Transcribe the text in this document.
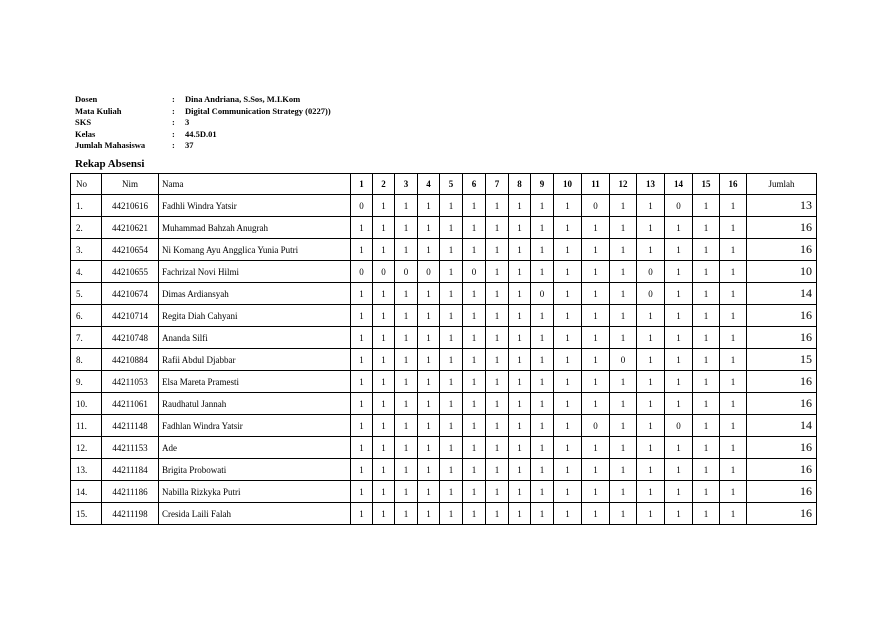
Dosen	:	Dina Andriana, S.Sos, M.I.Kom
Mata Kuliah	:	Digital Communication Strategy (0227))
SKS	:	3
Kelas	:	44.5D.01
Jumlah Mahasiswa	:	37
Rekap Absensi
No	Nim	Nama	1	2	3	4	5	6	7	8	9	10	11	12	13	14	15	16	Jumlah
1.	44210616	Fadhli Windra Yatsir	0	1	1	1	1	1	1	1	1	1	0	1	1	0	1	1	13
2.	44210621	Muhammad Bahzah Anugrah	1	1	1	1	1	1	1	1	1	1	1	1	1	1	1	1	16
3.	44210654	Ni Komang Ayu Angglica Yunia Putri	1	1	1	1	1	1	1	1	1	1	1	1	1	1	1	1	16
4.	44210655	Fachrizal Novi Hilmi	0	0	0	0	1	0	1	1	1	1	1	1	0	1	1	1	10
5.	44210674	Dimas Ardiansyah	1	1	1	1	1	1	1	1	0	1	1	1	0	1	1	1	14
6.	44210714	Regita Diah Cahyani	1	1	1	1	1	1	1	1	1	1	1	1	1	1	1	1	16
7.	44210748	Ananda Silfi	1	1	1	1	1	1	1	1	1	1	1	1	1	1	1	1	16
8.	44210884	Rafii Abdul Djabbar	1	1	1	1	1	1	1	1	1	1	1	0	1	1	1	1	15
9.	44211053	Elsa Mareta Pramesti	1	1	1	1	1	1	1	1	1	1	1	1	1	1	1	1	16
10.	44211061	Raudhatul Jannah	1	1	1	1	1	1	1	1	1	1	1	1	1	1	1	1	16
11.	44211148	Fadhlan Windra Yatsir	1	1	1	1	1	1	1	1	1	1	0	1	1	0	1	1	14
12.	44211153	Ade	1	1	1	1	1	1	1	1	1	1	1	1	1	1	1	1	16
13.	44211184	Brigita Probowati	1	1	1	1	1	1	1	1	1	1	1	1	1	1	1	1	16
14.	44211186	Nabilla Rizkyka Putri	1	1	1	1	1	1	1	1	1	1	1	1	1	1	1	1	16
15.	44211198	Cresida Laili Falah	1	1	1	1	1	1	1	1	1	1	1	1	1	1	1	1	16
